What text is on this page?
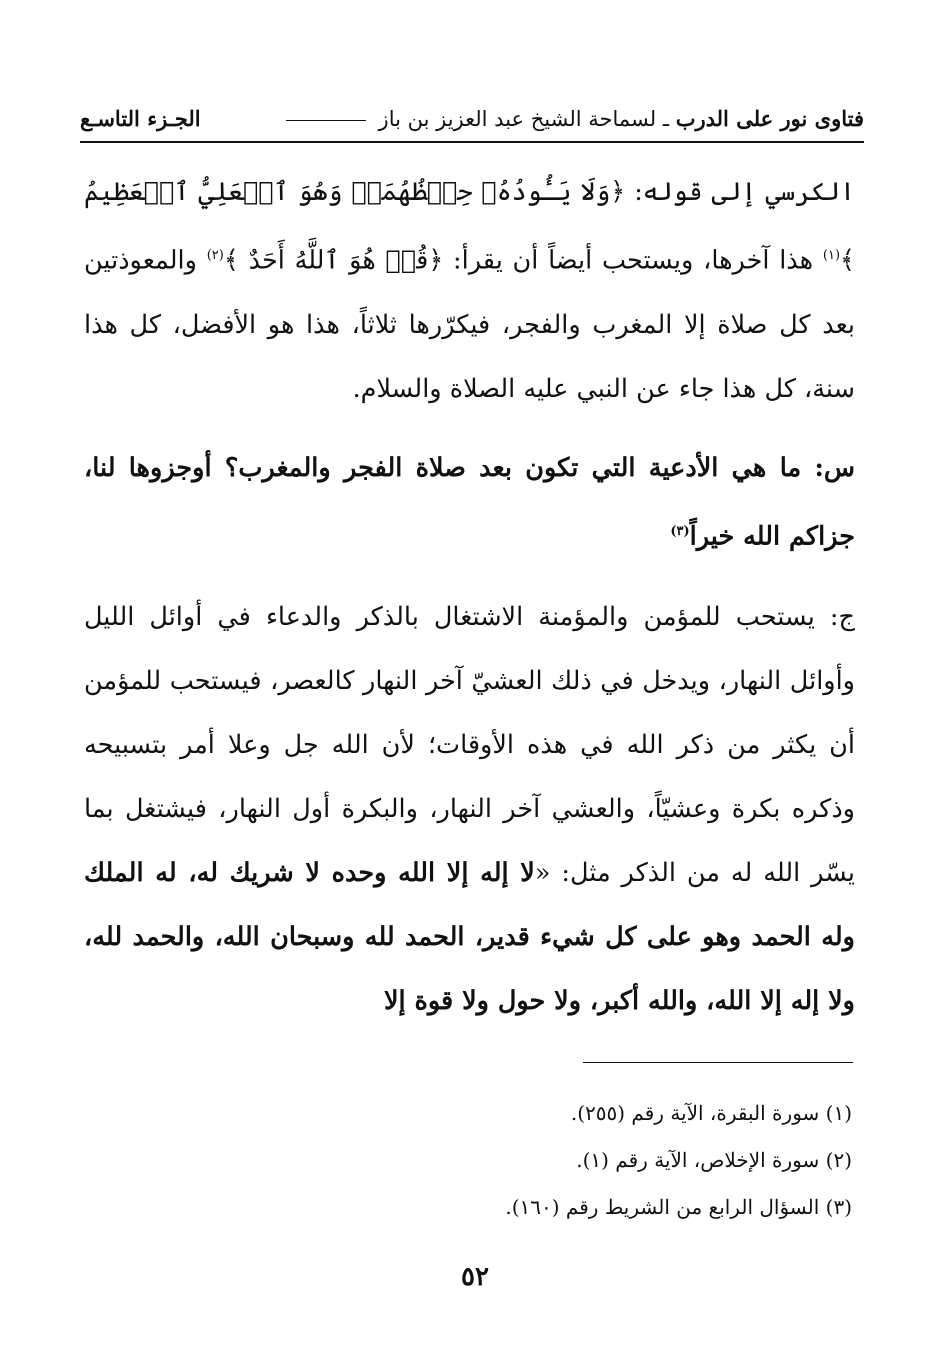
فتاوى نور على الدرب ـ لسماحة الشيخ عبد العزيز بن باز
الجـزء التاسـع
الكرسي إلى قوله: ﴿وَلَا يَـُٔودُهُۥ حِفۡظُهُمَاۚ وَهُوَ ٱلۡعَلِيُّ ٱلۡعَظِيمُ ﴾$^{(١)}$ هذا آخرها، ويستحب أيضاً أن يقرأ: ﴿قُلۡ هُوَ ٱللَّهُ أَحَدٌ ﴾$^{(٢)}$ والمعوذتين بعد كل صلاة إلا المغرب والفجر، فيكرّرها ثلاثاً، هذا هو الأفضل، كل هذا سنة، كل هذا جاء عن النبي عليه الصلاة والسلام.
س: ما هي الأدعية التي تكون بعد صلاة الفجر والمغرب؟ أوجزوها لنا، جزاكم الله خيراً$^{(٣)}$
ج: يستحب للمؤمن والمؤمنة الاشتغال بالذكر والدعاء في أوائل الليل وأوائل النهار، ويدخل في ذلك العشيّ آخر النهار كالعصر، فيستحب للمؤمن أن يكثر من ذكر الله في هذه الأوقات؛ لأن الله جل وعلا أمر بتسبيحه وذكره بكرة وعشيّاً، والعشي آخر النهار، والبكرة أول النهار، فيشتغل بما يسّر الله له من الذكر مثل: «لا إله إلا الله وحده لا شريك له، له الملك وله الحمد وهو على كل شيء قدير، الحمد لله وسبحان الله، والحمد لله، ولا إله إلا الله، والله أكبر، ولا حول ولا قوة إلا
(١) سورة البقرة، الآية رقم (٢٥٥).
(٢) سورة الإخلاص، الآية رقم (١).
(٣) السؤال الرابع من الشريط رقم (١٦٠).
٥٢
